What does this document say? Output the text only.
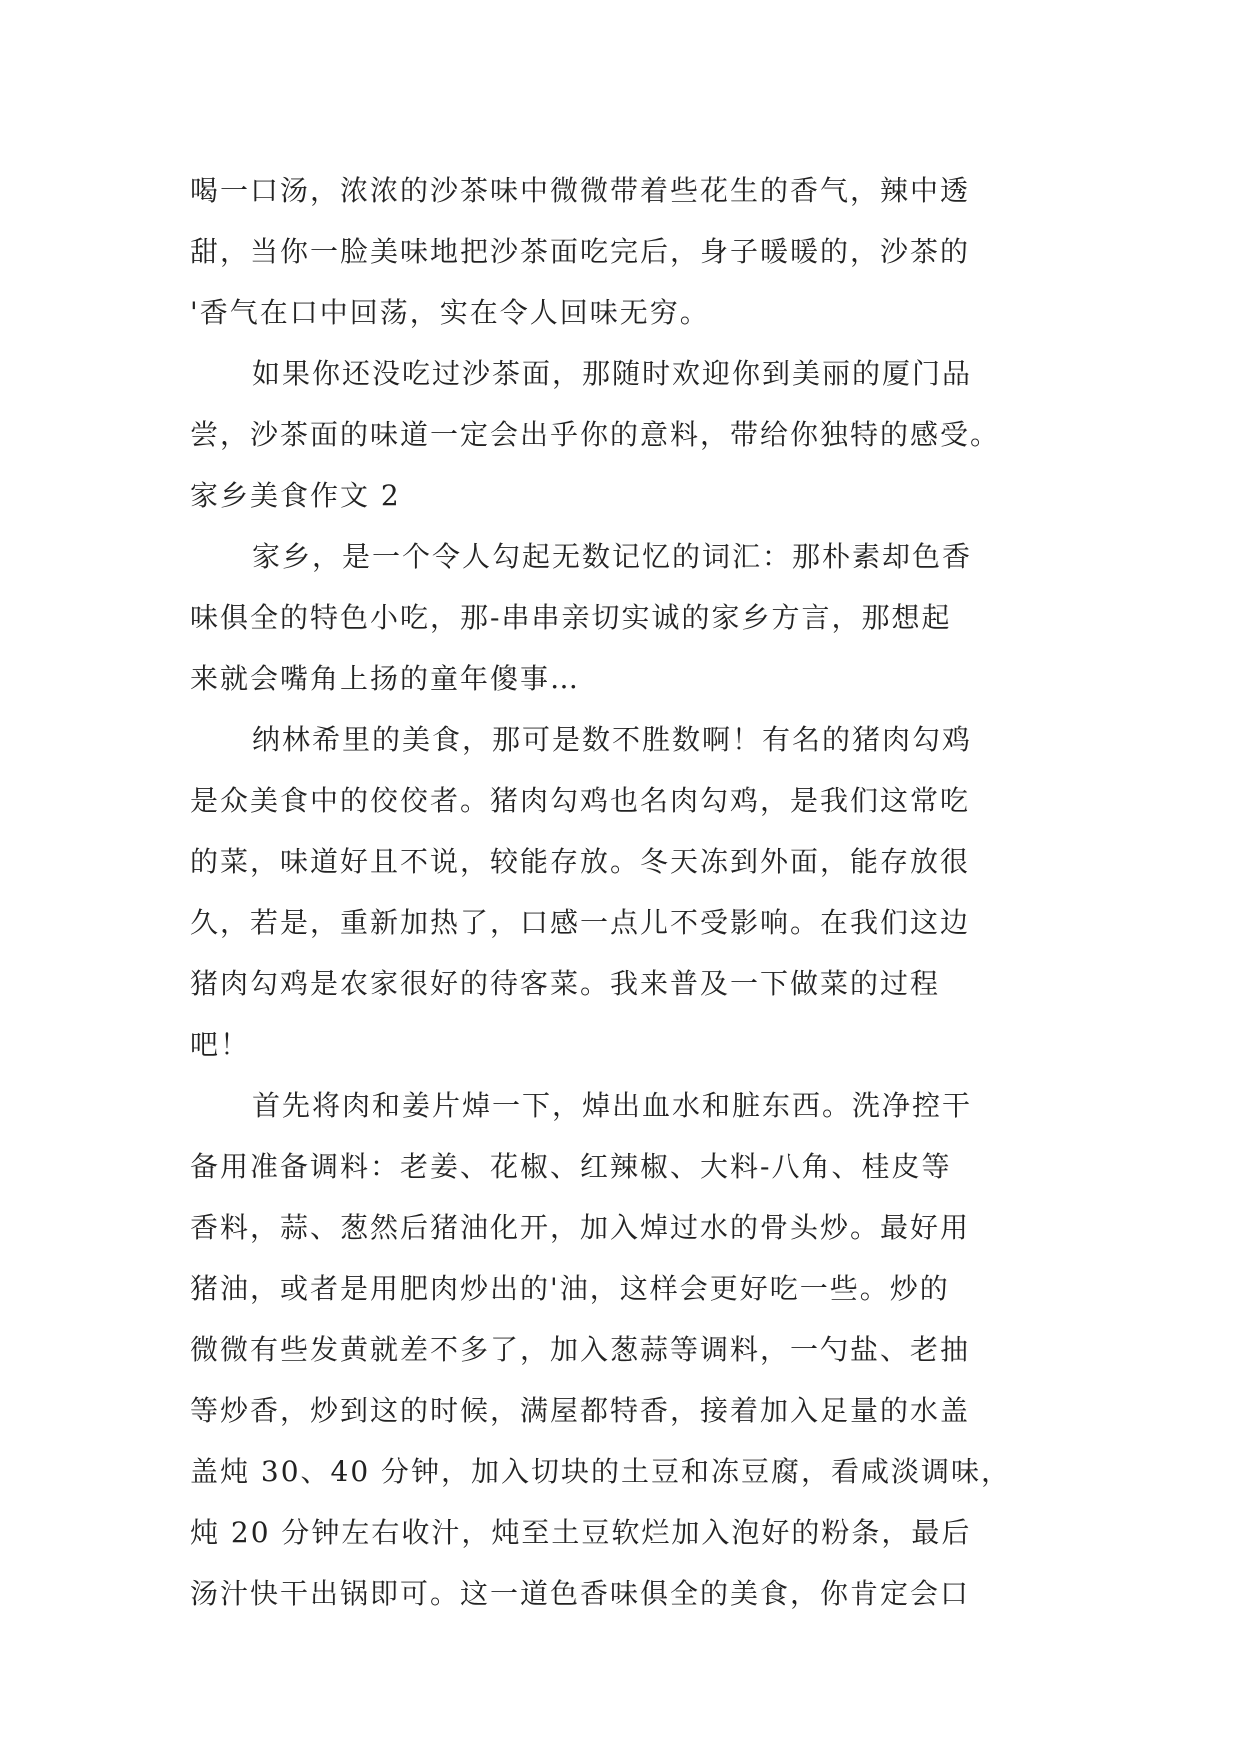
喝一口汤，浓浓的沙茶味中微微带着些花生的香气，辣中透
甜，当你一脸美味地把沙茶面吃完后，身子暖暖的，沙茶的
'香气在口中回荡，实在令人回味无穷。
如果你还没吃过沙茶面，那随时欢迎你到美丽的厦门品
尝，沙茶面的味道一定会出乎你的意料，带给你独特的感受。
家乡美食作文 2
家乡，是一个令人勾起无数记忆的词汇：那朴素却色香
味俱全的特色小吃，那-串串亲切实诚的家乡方言，那想起
来就会嘴角上扬的童年傻事…
纳林希里的美食，那可是数不胜数啊！有名的猪肉勾鸡
是众美食中的佼佼者。猪肉勾鸡也名肉勾鸡，是我们这常吃
的菜，味道好且不说，较能存放。冬天冻到外面，能存放很
久，若是，重新加热了，口感一点儿不受影响。在我们这边
猪肉勾鸡是农家很好的待客菜。我来普及一下做菜的过程
吧！
首先将肉和姜片焯一下，焯出血水和脏东西。洗净控干
备用准备调料：老姜、花椒、红辣椒、大料-八角、桂皮等
香料，蒜、葱然后猪油化开，加入焯过水的骨头炒。最好用
猪油，或者是用肥肉炒出的'油，这样会更好吃一些。炒的
微微有些发黄就差不多了，加入葱蒜等调料，一勺盐、老抽
等炒香，炒到这的时候，满屋都特香，接着加入足量的水盖
盖炖 30、40 分钟，加入切块的土豆和冻豆腐，看咸淡调味，
炖 20 分钟左右收汁，炖至土豆软烂加入泡好的粉条，最后
汤汁快干出锅即可。这一道色香味俱全的美食，你肯定会口
